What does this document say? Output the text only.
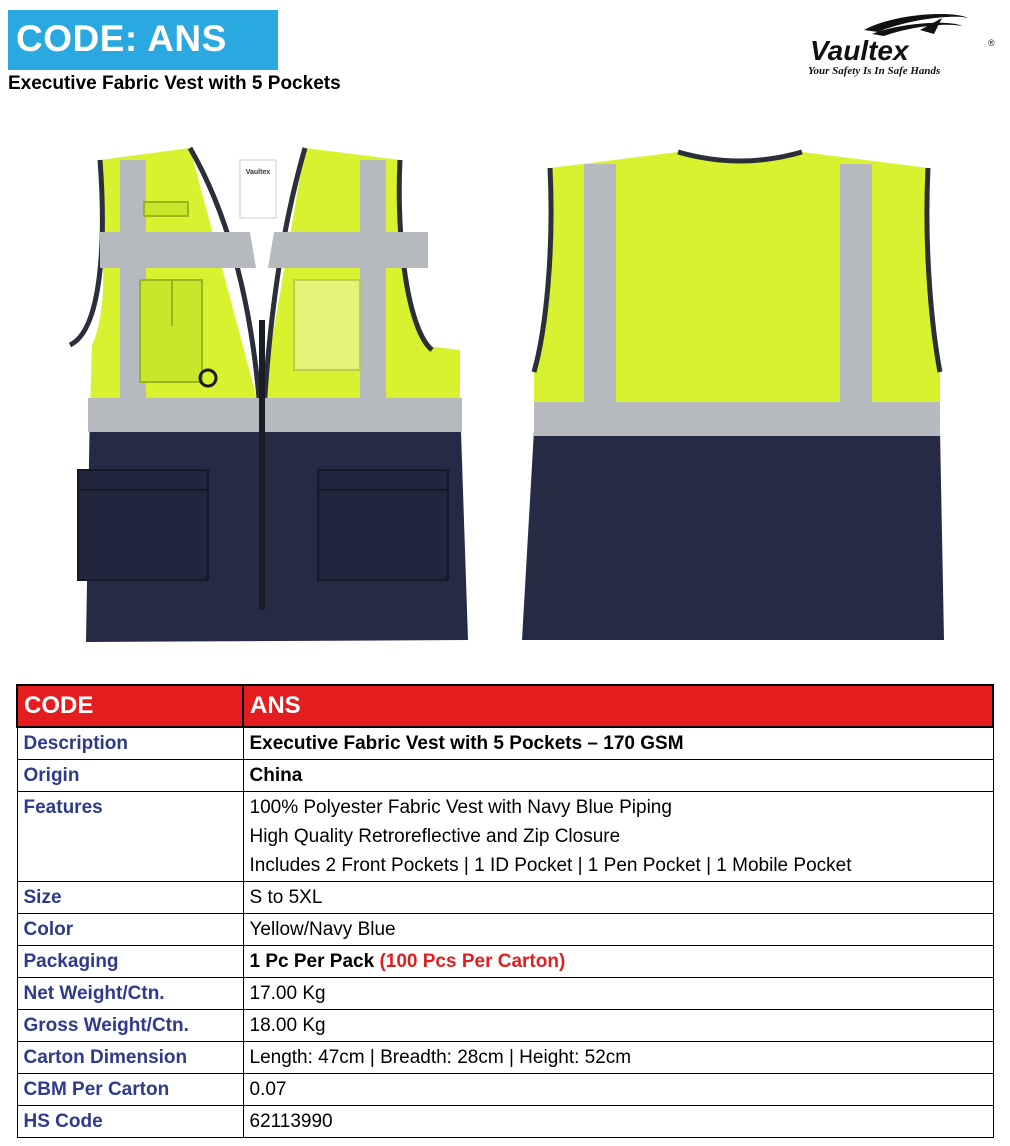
CODE: ANS
Executive Fabric Vest with 5 Pockets
Vaultex	®
Your Safety Is In Safe Hands
Vaultex
CODE	ANS
Description	Executive Fabric Vest with 5 Pockets – 170 GSM
Origin	China
Features	100% Polyester Fabric Vest with Navy Blue Piping
High Quality Retroreflective and Zip Closure
Includes 2 Front Pockets | 1 ID Pocket | 1 Pen Pocket | 1 Mobile Pocket

Size	S to 5XL
Color	Yellow/Navy Blue
Packaging	1 Pc Per Pack (100 Pcs Per Carton)
Net Weight/Ctn.	17.00 Kg
Gross Weight/Ctn.	18.00 Kg
Carton Dimension	Length: 47cm | Breadth: 28cm | Height: 52cm
CBM Per Carton	0.07
HS Code	62113990
